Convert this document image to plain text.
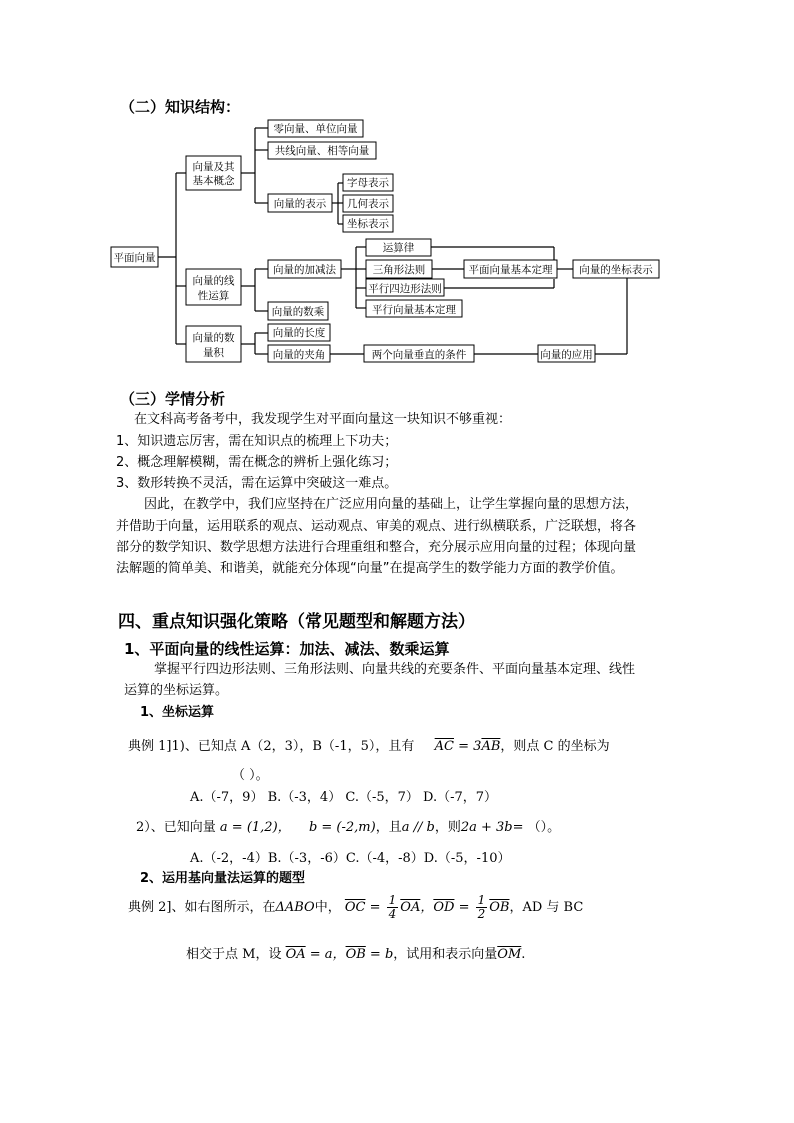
（二）知识结构：
平面向量
向量及其
基本概念
零向量、单位向量
共线向量、相等向量
向量的表示
字母表示
几何表示
坐标表示
向量的线
性运算
向量的加减法
运算律
三角形法则
平行四边形法则
平行向量基本定理
平面向量基本定理	向量的坐标表示
向量的数乘
向量的数
量积
向量的长度
向量的夹角	两个向量垂直的条件	向量的应用
（三）学情分析
在文科高考备考中，我发现学生对平面向量这一块知识不够重视：
1、知识遗忘厉害，需在知识点的梳理上下功夫；
2、概念理解模糊，需在概念的辨析上强化练习；
3、数形转换不灵活，需在运算中突破这一难点。
因此，在教学中，我们应坚持在广泛应用向量的基础上，让学生掌握向量的思想方法，
并借助于向量，运用联系的观点、运动观点、审美的观点、进行纵横联系，广泛联想，将各
部分的数学知识、数学思想方法进行合理重组和整合，充分展示应用向量的过程；体现向量
法解题的简单美、和谐美，就能充分体现“向量”在提高学生的数学能力方面的教学价值。
四、重点知识强化策略（常见题型和解题方法）
1、平面向量的线性运算：加法、减法、数乘运算
掌握平行四边形法则、三角形法则、向量共线的充要条件、平面向量基本定理、线性
运算的坐标运算。
1、坐标运算
典例 1]1)、已知点 A（2，3），B（-1，5），且有 $\overline{AC} = 3\overline{AB}$，则点 C 的坐标为
（ ）。
A.（-7，9） B.（-3，4） C.（-5，7） D.（-7，7）
2）、已知向量 a = (1,2)， b = (-2,m)，且a // b，则2a + 3b= （）。
A.（-2，-4）B.（-3，-6）C.（-4，-8）D.（-5，-10）
2、运用基向量法运算的题型
典例 2]、如右图所示，在ΔABO中， $\overline{OC} = \frac{1}{4} \overline{OA}$，$\overline{OD} = \frac{1}{2} \overline{OB}$，AD 与 BC
相交于点 M，设 $\overline{OA} = a$，$\overline{OB} = b$，试用和表示向量$\overline{OM}$.
